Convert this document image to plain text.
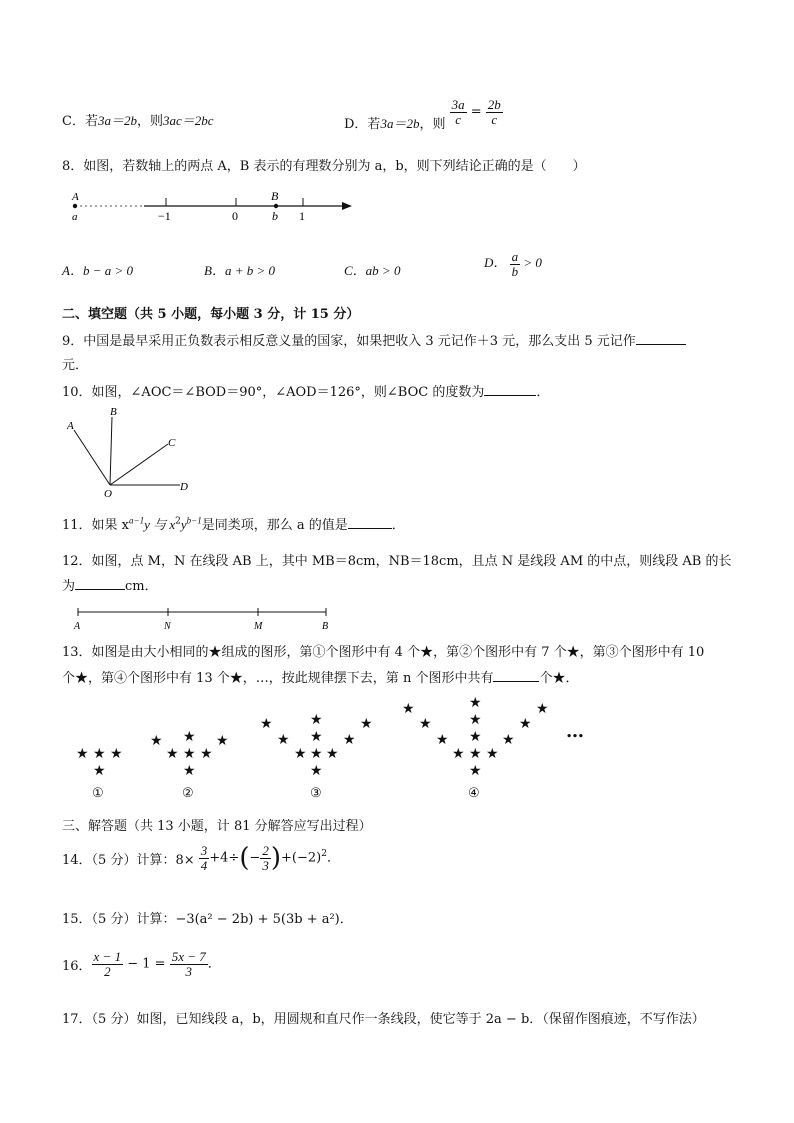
C．若3a＝2b，则3ac＝2bc	D．若3a＝2b，则 $\frac{3a}{c} = \frac{2b}{c}$
8．如图，若数轴上的两点 A，B 表示的有理数分别为 a，b，则下列结论正确的是（　　）
A
a	−1	0
B
b 1
A．b − a > 0	B．a + b > 0	C．ab > 0
D． $\frac{a}{b} > 0$
二、填空题（共 5 小题，每小题 3 分，计 15 分）
9．中国是最早采用正负数表示相反意义量的国家，如果把收入 3 元记作＋3 元，那么支出 5 元记作
元．
10．如图，∠AOC＝∠BOD＝90°，∠AOD＝126°，则∠BOC 的度数为	．
A
B
C
D
O
11．如果 $x^{a-1}y$ 与 $x^2y^{b-1}$是同类项，那么 a 的值是	．
12．如图，点 M，N 在线段 AB 上，其中 MB＝8cm，NB＝18cm，且点 N 是线段 AM 的中点，则线段 AB 的长
为	cm．
A	N	M	B
13．如图是由大小相同的★组成的图形，第①个图形中有 4 个★，第②个图形中有 7 个★，第③个图形中有 10
个★，第④个图形中有 13 个★，…，按此规律摆下去，第 n 个图形中共有	个★．
★ ★ ★
★
①
★
★
★
★ ★
★
★
②
★
★
★
★
★
★
★
★
★
★
③
★
★
★
★
★
★
★
★
★
★
★
★
★
④
…
三、解答题（共 13 小题，计 81 分解答应写出过程）
14．（5 分）计算：$8\times \frac{3}{4} +4\div(- \frac{2}{3} )+(-2)^2$．
15．（5 分）计算：−3(a² − 2b) + 5(3b + a²)．
16． $\frac{x - 1}{2} - 1 = \frac{5x - 7}{3}$ ．
17．（5 分）如图，已知线段 a，b，用圆规和直尺作一条线段，使它等于 2a − b．（保留作图痕迹，不写作法）
